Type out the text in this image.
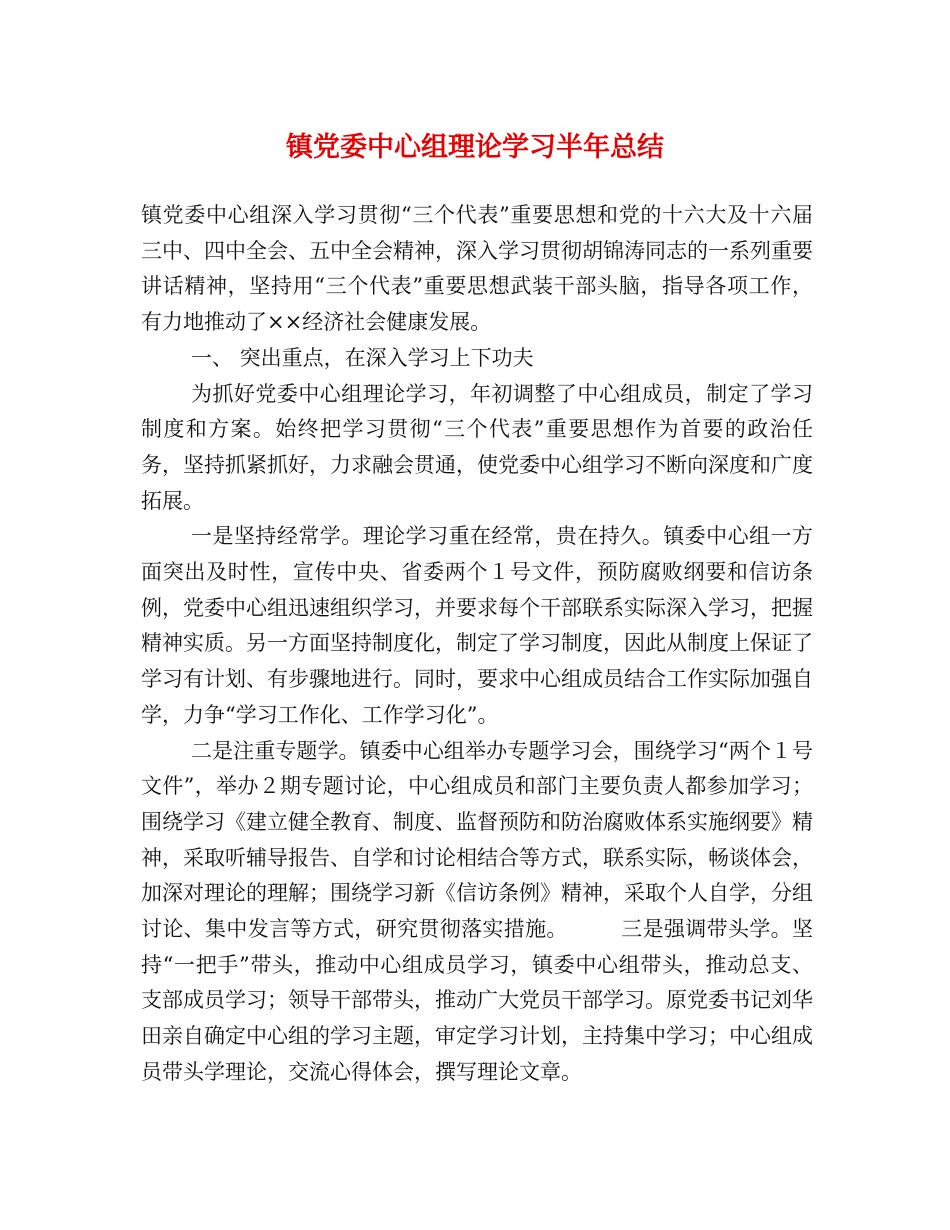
镇党委中心组理论学习半年总结

镇党委中心组深入学习贯彻“三个代表”重要思想和党的十六大及十六届三中、四中全会、五中全会精神，深入学习贯彻胡锦涛同志的一系列重要讲话精神，坚持用“三个代表”重要思想武装干部头脑，指导各项工作，有力地推动了××经济社会健康发展。

一、 突出重点，在深入学习上下功夫

为抓好党委中心组理论学习，年初调整了中心组成员，制定了学习制度和方案。始终把学习贯彻“三个代表”重要思想作为首要的政治任务，坚持抓紧抓好，力求融会贯通，使党委中心组学习不断向深度和广度拓展。

一是坚持经常学。理论学习重在经常，贵在持久。镇委中心组一方面突出及时性，宣传中央、省委两个１号文件，预防腐败纲要和信访条例，党委中心组迅速组织学习，并要求每个干部联系实际深入学习，把握精神实质。另一方面坚持制度化，制定了学习制度，因此从制度上保证了学习有计划、有步骤地进行。同时，要求中心组成员结合工作实际加强自学，力争“学习工作化、工作学习化”。

二是注重专题学。镇委中心组举办专题学习会，围绕学习“两个１号文件”，举办２期专题讨论，中心组成员和部门主要负责人都参加学习；围绕学习《建立健全教育、制度、监督预防和防治腐败体系实施纲要》精神，采取听辅导报告、自学和讨论相结合等方式，联系实际，畅谈体会，加深对理论的理解；围绕学习新《信访条例》精神，采取个人自学，分组讨论、集中发言等方式，研究贯彻落实措施。　　　三是强调带头学。坚持“一把手”带头，推动中心组成员学习，镇委中心组带头，推动总支、支部成员学习；领导干部带头，推动广大党员干部学习。原党委书记刘华田亲自确定中心组的学习主题，审定学习计划，主持集中学习；中心组成员带头学理论，交流心得体会，撰写理论文章。
